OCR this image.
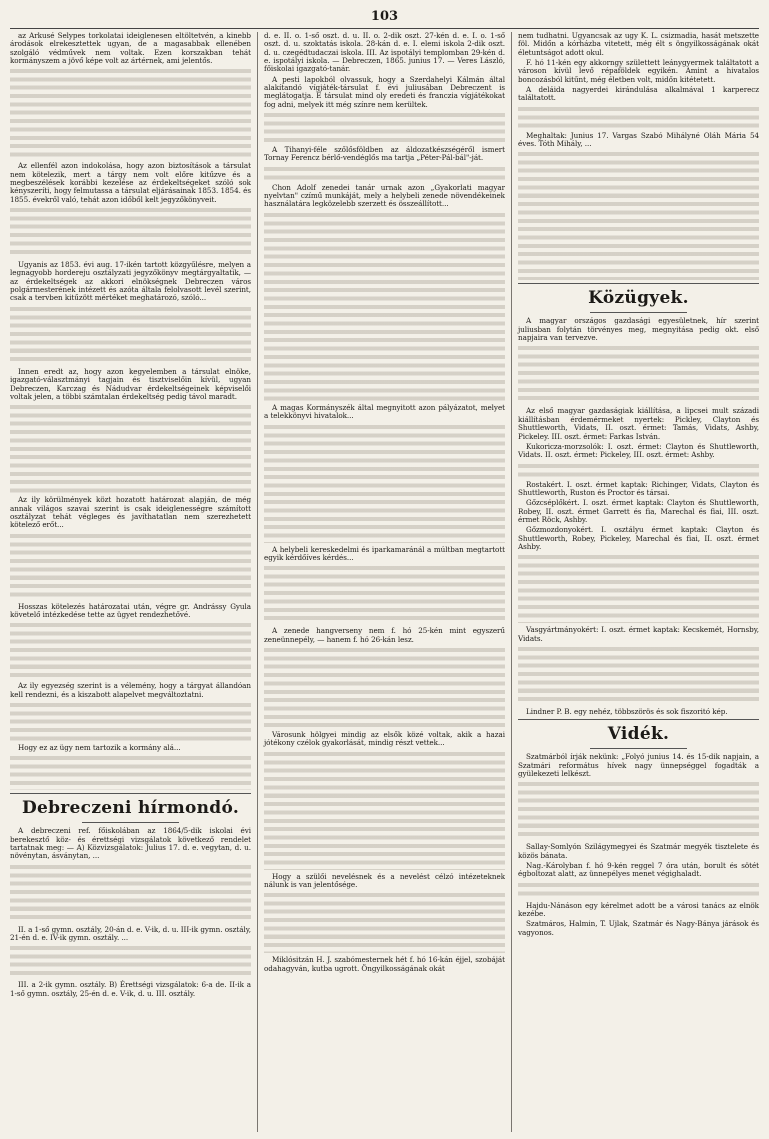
103

az Árkusé Selypes torkolatai ideiglenesen eltöltetvén, a kinebb árodások elrekesztettek ugyan, de a magasabbak ellenében szolgáló védművek nem voltak. Ezen korszakban tehát kormányszem a jövő képe volt az ártérnek, ami jelentős.

Az ellenfél azon indokolása, hogy azon biztosítások a társulat nem kötelezik, mert a tárgy nem volt előre kitűzve és a megbeszélések korábbi kezelése az érdekeltségeket szóló sok kényszeríti, hogy felmutassa a társulat eljárásainak 1853. 1854. és 1855. évekről való, tehát azon időből kelt jegyzőkönyveit.

Ugyanis az 1853. évi aug. 17-ikén tartott közgyűlésre, melyen a legnagyobb hordereju osztályzati jegyzőkönyv megtárgyaltatik, — az érdekeltségek az akkori elnökségnek Debreczen város polgármesterének intézett és azóta általa felolvasott levél szerint, csak a tervben kitűzött mértéket meghatározó, szóló...

Innen eredt az, hogy azon kegyelemben a társulat elnöke, igazgató-választmányi tagjain és tisztviselőin kívül, ugyan Debreczen, Karczag és Nádudvar érdekeltségeinek képviselői voltak jelen, a többi számtalan érdekeltség pedig távol maradt.

Az ily körülmények közt hozatott határozat alapján, de még annak világos szavai szerint is csak ideiglenességre számított osztályzat tehát végleges és javíthatatlan nem szerezhetett kötelező erőt...

Hosszas kötelezés határozatai után, végre gr. Andrássy Gyula követelő intézkedése tette az ügyet rendezhetővé.

Az ily egyezség szerint is a vélemény, hogy a tárgyat állandóan kell rendezni, és a kiszabott alapelvet megváltoztatni.

Hogy ez az ügy nem tartozik a kormány alá...

Debreczeni hírmondó.

A debreczeni ref. főiskolában az 1864/5-dik iskolai évi berekesztő köz- és érettségi vizsgálatok következő rendelet tartatnak meg: — A) Közvizsgálatok: Julius 17. d. e. vegytan, d. u. növénytan, ásványtan, ...

II. a 1-ső gymn. osztály, 20-án d. e. V-ik, d. u. III-ik gymn. osztály, 21-én d. e. IV-ik gymn. osztály. ...

III. a 2-ik gymn. osztály. B) Érettségi vizsgálatok: 6-a de. II-ik a 1-ső gymn. osztály, 25-én d. e. V-ik, d. u. III. osztály.

d. e. II. o. 1-ső oszt. d. u. II. o. 2-dik oszt. 27-kén d. e. I. o. 1-ső oszt. d. u. szoktatás iskola. 28-kán d. e. I. elemi iskola 2-dik oszt. d. u. czegédtudaczai iskola. III. Az ispotályi templomban 29-kén d. e. ispotályi iskola. — Debreczen, 1865. junius 17. — Veres László, főiskolai igazgató-tanár.

A pesti lapokból olvassuk, hogy a Szerdahelyi Kálmán által alakítandó vígjáték-társulat f. évi juliusában Debreczent is meglátogatja. E társulat mind oly eredeti és franczia vígjátékokat fog adni, melyek itt még színre nem kerültek.

A Tihanyi-féle szőlősföldben az áldozatkészségéről ismert Tornay Ferencz bérlő-vendéglős ma tartja „Péter-Pál-bál"-ját.

Chon Adolf zenedei tanár urnak azon „Gyakorlati magyar nyelvtan" czímű munkáját, mely a helybeli zenede növendékeinek használatára legközelebb szerzett és összeállított...

A magas Kormányszék által megnyitott azon pályázatot, melyet a telekkönyvi hivatalok...

A helybeli kereskedelmi és iparkamaránál a múltban megtartott egyik kérdőíves kérdés...

A zenede hangverseny nem f. hó 25-kén mint egyszerű zeneünnepély, — hanem f. hó 26-kán lesz.

Városunk hölgyei mindig az elsők közé voltak, akik a hazai jótékony czélok gyakorlását, mindig részt vettek...

Hogy a szülői nevelésnek és a nevelést célzó intézeteknek nálunk is van jelentősége.

Miklósitzán H. J. szabómesternek hét f. hó 16-kán éjjel, szobáját odahagyván, kutba ugrott. Öngyilkosságának okát

nem tudhatni. Ugyancsak az ugy K. L. csizmadia, hasát metszette föl. Midőn a kórházba vitetett, még élt s öngyilkosságának okát életuntságot adott okul.

F. hó 11-kén egy akkorngy születtett leánygyermek találtatott a városon kívül levő répaföldek egyikén. Amint a hivatalos boncozásból kitűnt, még életben volt, midőn kitétetett.

A deláida nagyerdei kirándulása alkalmával 1 karperecz találtatott.

Meghaltak: Junius 17. Vargas Szabó Mihályné Oláh Mária 54 éves. Tóth Mihály, ...

Közügyek.

A magyar országos gazdasági egyesületnek, hír szerint juliusban folytán törvényes meg, megnyitása pedig okt. első napjaira van tervezve.

Az első magyar gazdaságiak kiállítása, a lipcsei mult századi kiállításban érdemérmeket nyertek: Pickley, Clayton és Shuttleworth, Vidats, II. oszt. érmet: Tamás, Vidats, Ashby, Pickeley. III. oszt. érmet: Farkas István.

Kukoricza-morzsolók: I. oszt. érmet: Clayton és Shuttleworth, Vidats. II. oszt. érmet: Pickeley, III. oszt. érmet: Ashby.

Rostakért. I. oszt. érmet kaptak: Richinger, Vidats, Clayton és Shuttleworth, Ruston és Proctor és társai.

Gőzcséplőkért. I. oszt. érmet kaptak: Clayton és Shuttleworth, Robey, II. oszt. érmet Garrett és fia, Marechal és fiai, III. oszt. érmet Röck, Ashby.

Gőzmozdonyokért. I. osztályu érmet kaptak: Clayton és Shuttleworth, Robey, Pickeley, Marechal és fiai, II. oszt. érmet Ashby.

Vasgyártmányokért: I. oszt. érmet kaptak: Kecskemét, Hornsby, Vidats.

Lindner P. B. egy nehéz, többszörös és sok fiszoritó kép.

Vidék.

Szatmárból írják nekünk: „Folyó junius 14. és 15-dik napjain, a Szatmári református hívek nagy ünnepséggel fogadták a gyülekezeti lelkészt.

Sallay-Somlyón Szilágymegyei és Szatmár megyék tisztelete és közös bánata.

Nag.-Károlyban f. hó 9-kén reggel 7 óra után, borult és sötét égboltozat alatt, az ünnepélyes menet végighaladt.

Hajdu-Nánáson egy kérelmet adott be a városi tanács az elnök kezébe.

Szatmáros, Halmin, T. Ujlak, Szatmár és Nagy-Bánya járások és vagyonos.
